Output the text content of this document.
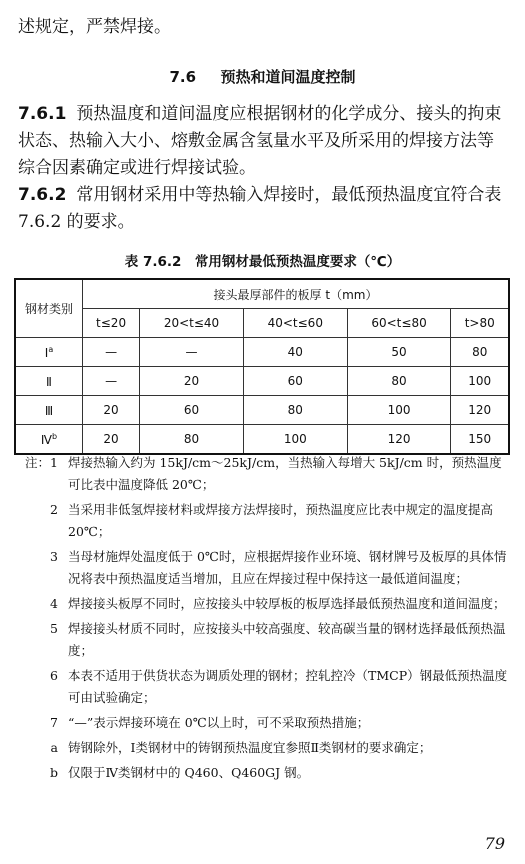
述规定，严禁焊接。

7.6 预热和道间温度控制

7.6.1 预热温度和道间温度应根据钢材的化学成分、接头的拘束状态、热输入大小、熔敷金属含氢量水平及所采用的焊接方法等综合因素确定或进行焊接试验。

7.6.2 常用钢材采用中等热输入焊接时，最低预热温度宜符合表 7.6.2 的要求。

表 7.6.2　常用钢材最低预热温度要求（℃）
钢材类别	接头最厚部件的板厚 t（mm）				
	t≤20	20<t≤40	40<t≤60	60<t≤80	t>80
Ⅰ$^a$	—	—	40	50	80
Ⅱ	—	20	60	80	100
Ⅲ	20	60	80	100	120
Ⅳ$^b$	20	80	100	120	150
注：1 焊接热输入约为 15kJ/cm～25kJ/cm，当热输入每增大 5kJ/cm 时，预热温度可比表中温度降低 20℃；
2 当采用非低氢焊接材料或焊接方法焊接时，预热温度应比表中规定的温度提高 20℃；
3 当母材施焊处温度低于 0℃时，应根据焊接作业环境、钢材牌号及板厚的具体情况将表中预热温度适当增加，且应在焊接过程中保持这一最低道间温度；
4 焊接接头板厚不同时，应按接头中较厚板的板厚选择最低预热温度和道间温度；
5 焊接接头材质不同时，应按接头中较高强度、较高碳当量的钢材选择最低预热温度；
6 本表不适用于供货状态为调质处理的钢材；控轧控冷（TMCP）钢最低预热温度可由试验确定；
7 “—”表示焊接环境在 0℃以上时，可不采取预热措施；
a 铸钢除外，Ⅰ类钢材中的铸钢预热温度宜参照Ⅱ类钢材的要求确定；
b 仅限于Ⅳ类钢材中的 Q460、Q460GJ 钢。
79
